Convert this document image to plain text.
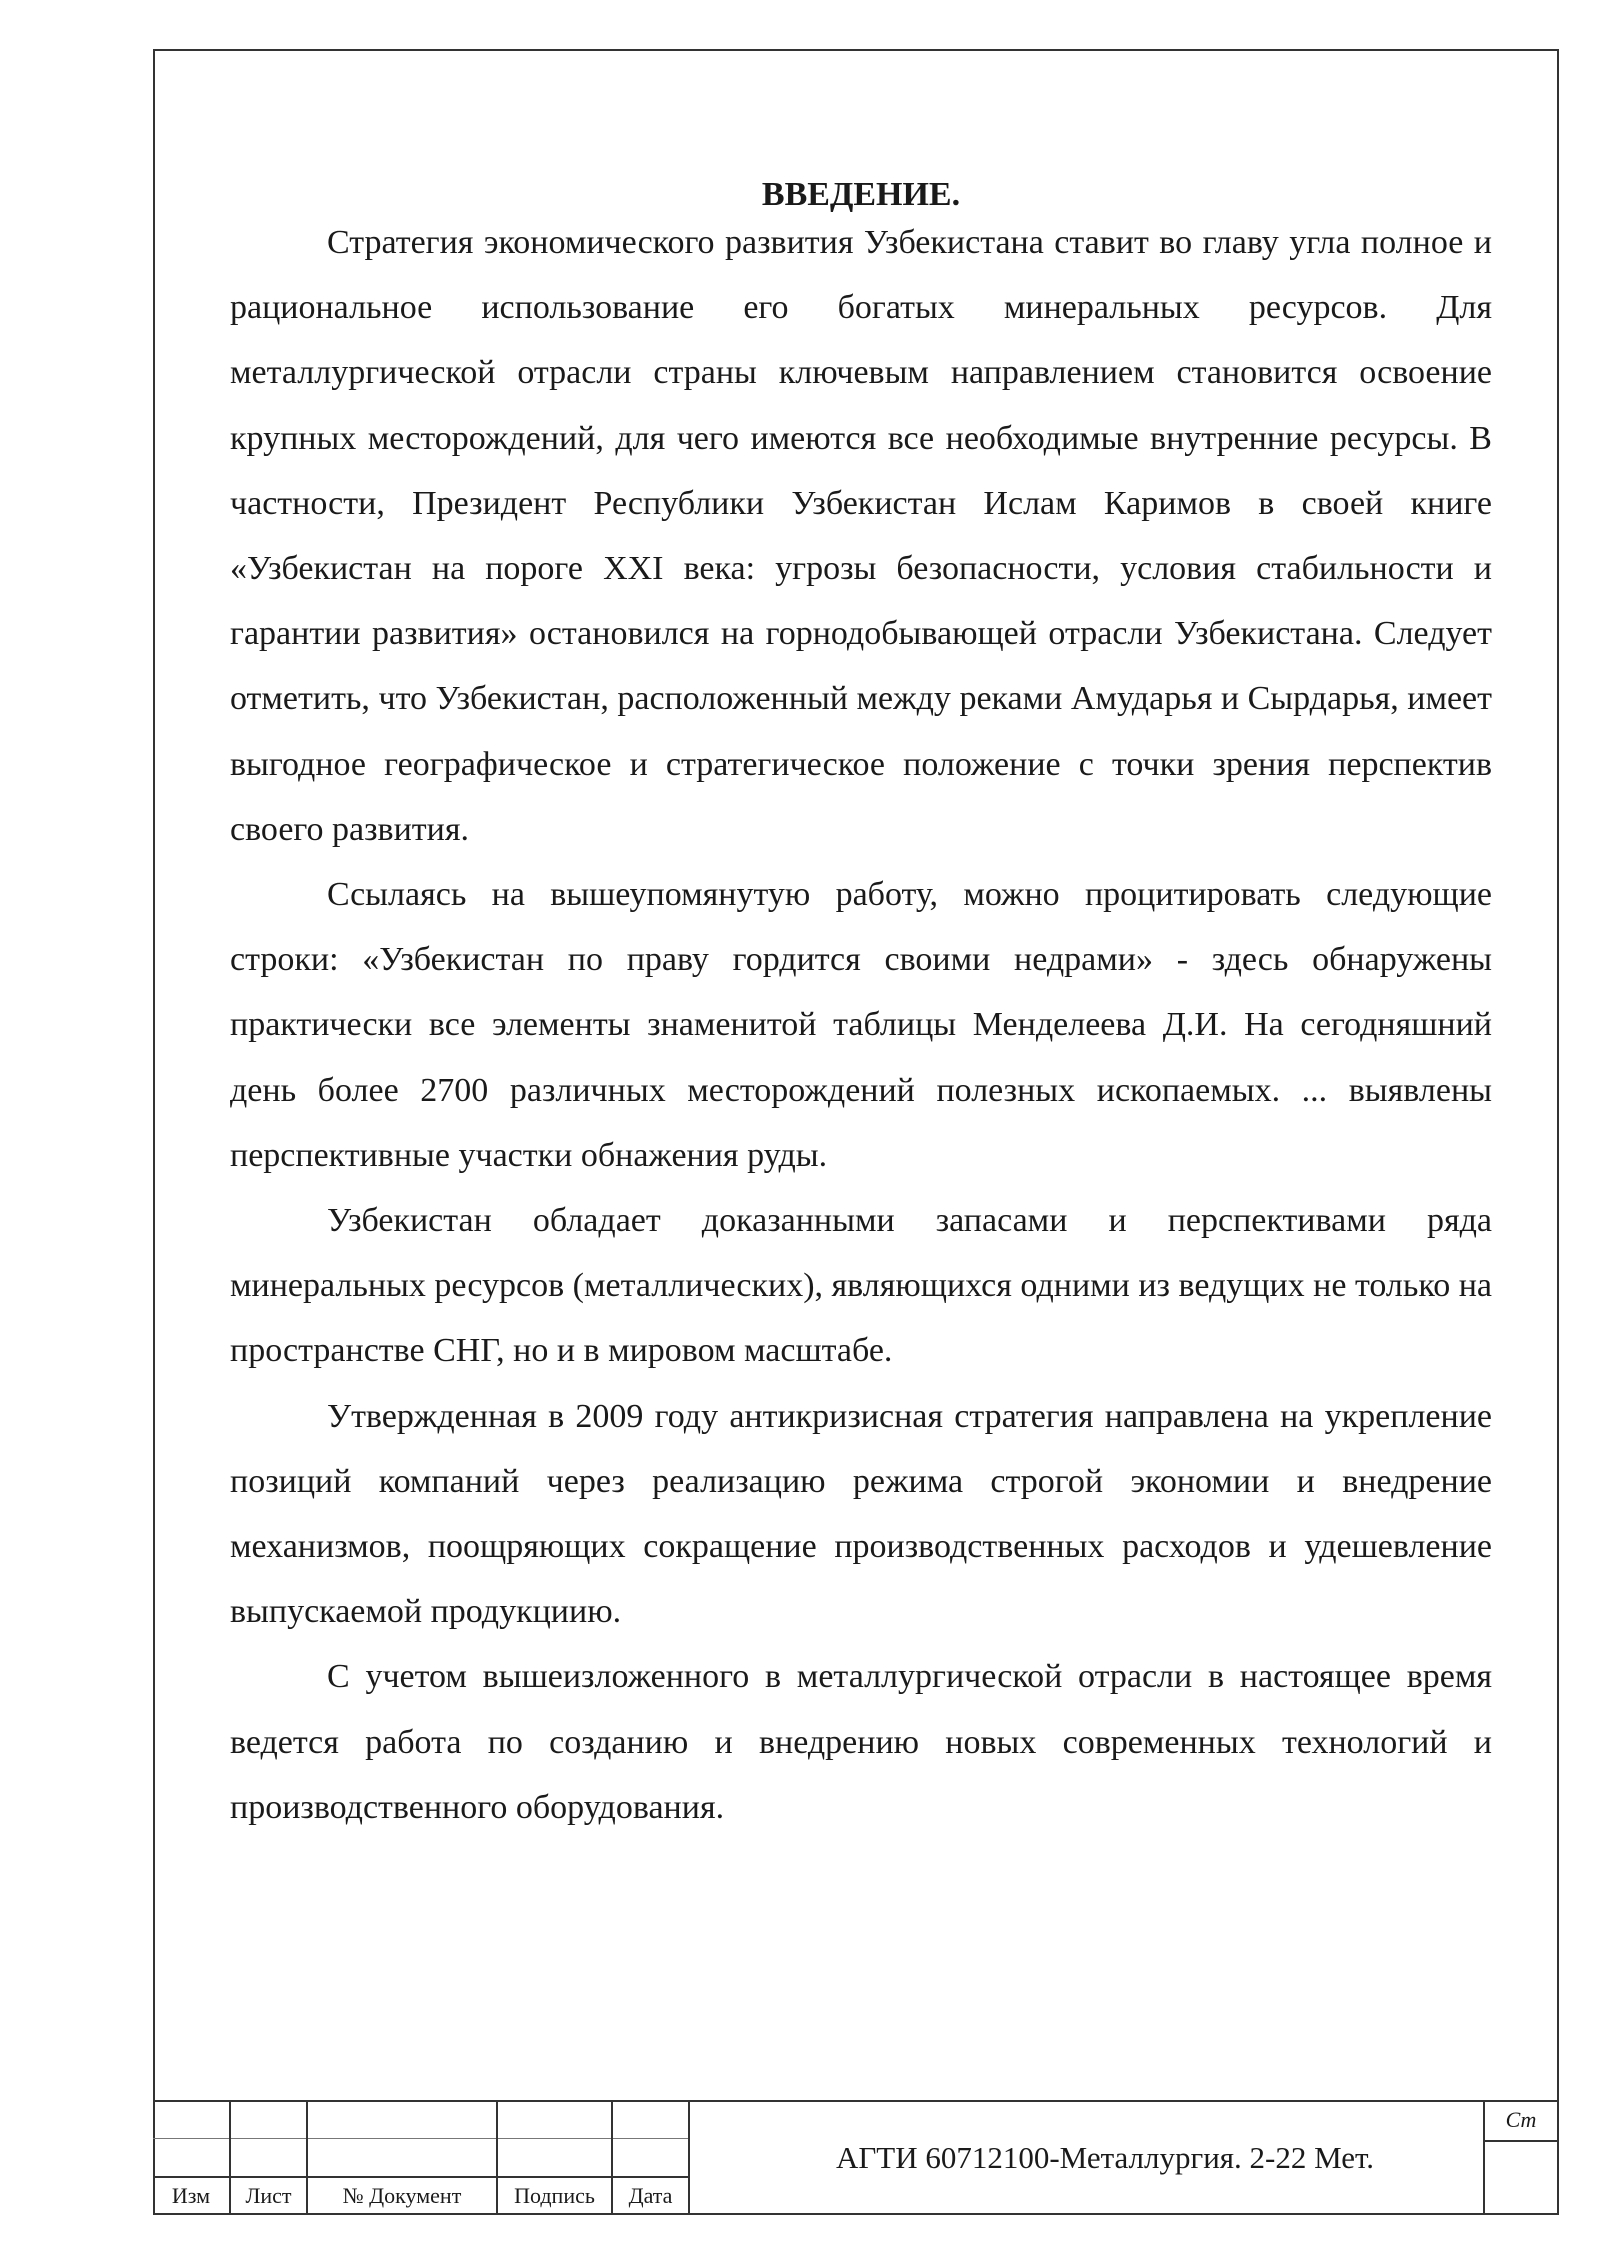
ВВЕДЕНИЕ.

Стратегия экономического развития Узбекистана ставит во главу угла полное и рациональное использование его богатых минеральных ресурсов. Для металлургической отрасли страны ключевым направлением становится освоение крупных месторождений, для чего имеются все необходимые внутренние ресурсы. В частности, Президент Республики Узбекистан Ислам Каримов в своей книге «Узбекистан на пороге XXI века: угрозы безопасности, условия стабильности и гарантии развития» остановился на горнодобывающей отрасли Узбекистана. Следует отметить, что Узбекистан, расположенный между реками Амударья и Сырдарья, имеет выгодное географическое и стратегическое положение с точки зрения перспектив своего развития.

Ссылаясь на вышеупомянутую работу, можно процитировать следующие строки: «Узбекистан по праву гордится своими недрами» - здесь обнаружены практически все элементы знаменитой таблицы Менделеева Д.И. На сегодняшний день более 2700 различных месторождений полезных ископаемых. ... выявлены перспективные участки обнажения руды.

Узбекистан обладает доказанными запасами и перспективами ряда минеральных ресурсов (металлических), являющихся одними из ведущих не только на пространстве СНГ, но и в мировом масштабе.

Утвержденная в 2009 году антикризисная стратегия направлена на укрепление позиций компаний через реализацию режима строгой экономии и внедрение механизмов, поощряющих сокращение производственных расходов и удешевление выпускаемой продукциию.

С учетом вышеизложенного в металлургической отрасли в настоящее время ведется работа по созданию и внедрению новых современных технологий и производственного оборудования.

Изм	Лист	№ Документ	Подпись	Дата
АГТИ 60712100-Металлургия. 2-22 Мет.
Ст
